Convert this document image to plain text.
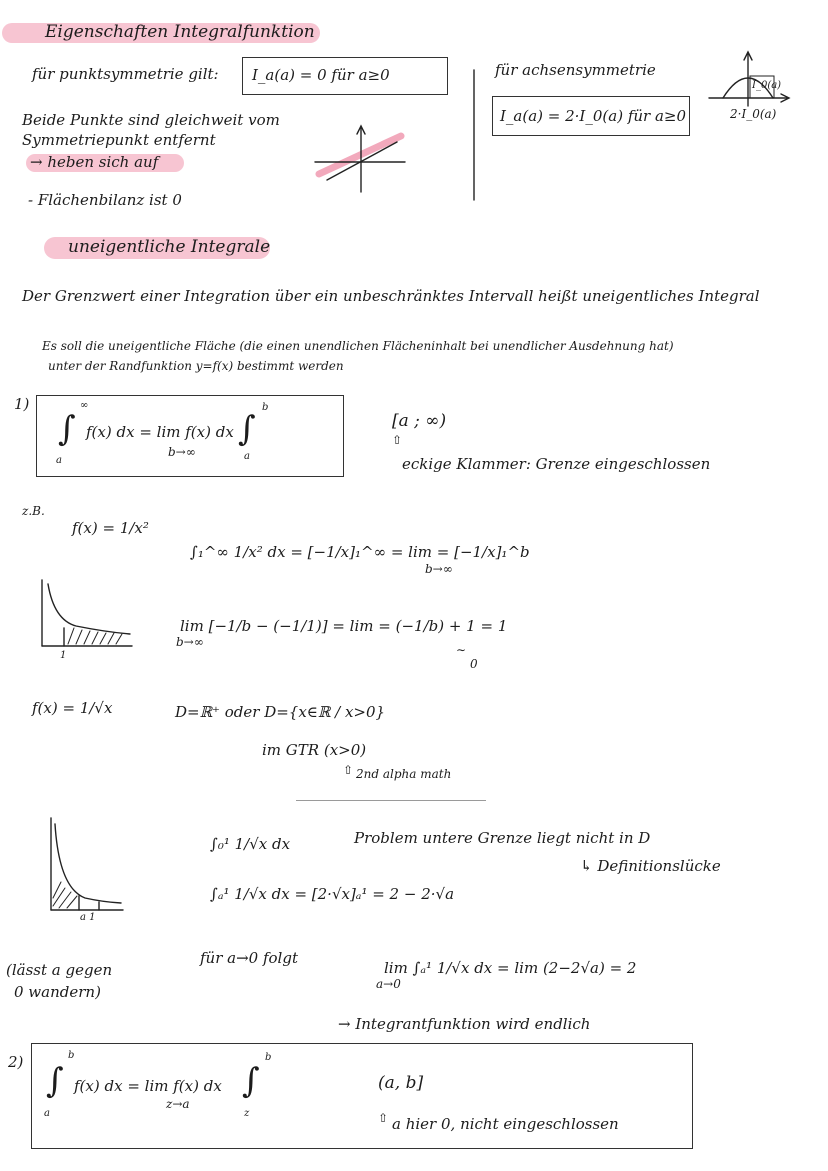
Eigenschaften Integralfunktion
für punktsymmetrie gilt: I_a(a) = 0 für a≥0	für achsensymmetrie
I_a(a) = 2·I_0(a) für a≥0
Beide Punkte sind gleichweit vom
Symmetriepunkt entfernt
→ heben sich auf
- Flächenbilanz ist 0
I_0(a)
2·I_0(a)
uneigentliche Integrale
Der Grenzwert einer Integration über ein unbeschränktes Intervall heißt uneigentliches Integral
Es soll die uneigentliche Fläche (die einen unendlichen Flächeninhalt bei unendlicher Ausdehnung hat)
unter der Randfunktion y=f(x) bestimmt werden
1)
∫
∞
a
∫
b
a
f(x) dx = lim f(x) dx
b→∞
[a ; ∞)
⇧
eckige Klammer: Grenze eingeschlossen
z.B.
f(x) = 1/x²
∫₁^∞ 1/x² dx = [−1/x]₁^∞ = lim = [−1/x]₁^b
b→∞
1
lim [−1/b − (−1/1)] = lim = (−1/b) + 1 = 1
b→∞
∼
0
f(x) = 1/√x	D=ℝ⁺ oder D={x∈ℝ / x>0}
im GTR (x>0)
⇧ 2nd alpha math
a 1
∫₀¹ 1/√x dx	Problem untere Grenze liegt nicht in D
↳ Definitionslücke
∫ₐ¹ 1/√x dx = [2·√x]ₐ¹ = 2 − 2·√a
für a→0 folgt
lim ∫ₐ¹ 1/√x dx = lim (2−2√a) = 2
a→0
(lässt a gegen
0 wandern)
→ Integrantfunktion wird endlich
2) ∫
b
a
∫
b
z
f(x) dx = lim f(x) dx
z→a
(a, b]
⇧ a hier 0, nicht eingeschlossen
